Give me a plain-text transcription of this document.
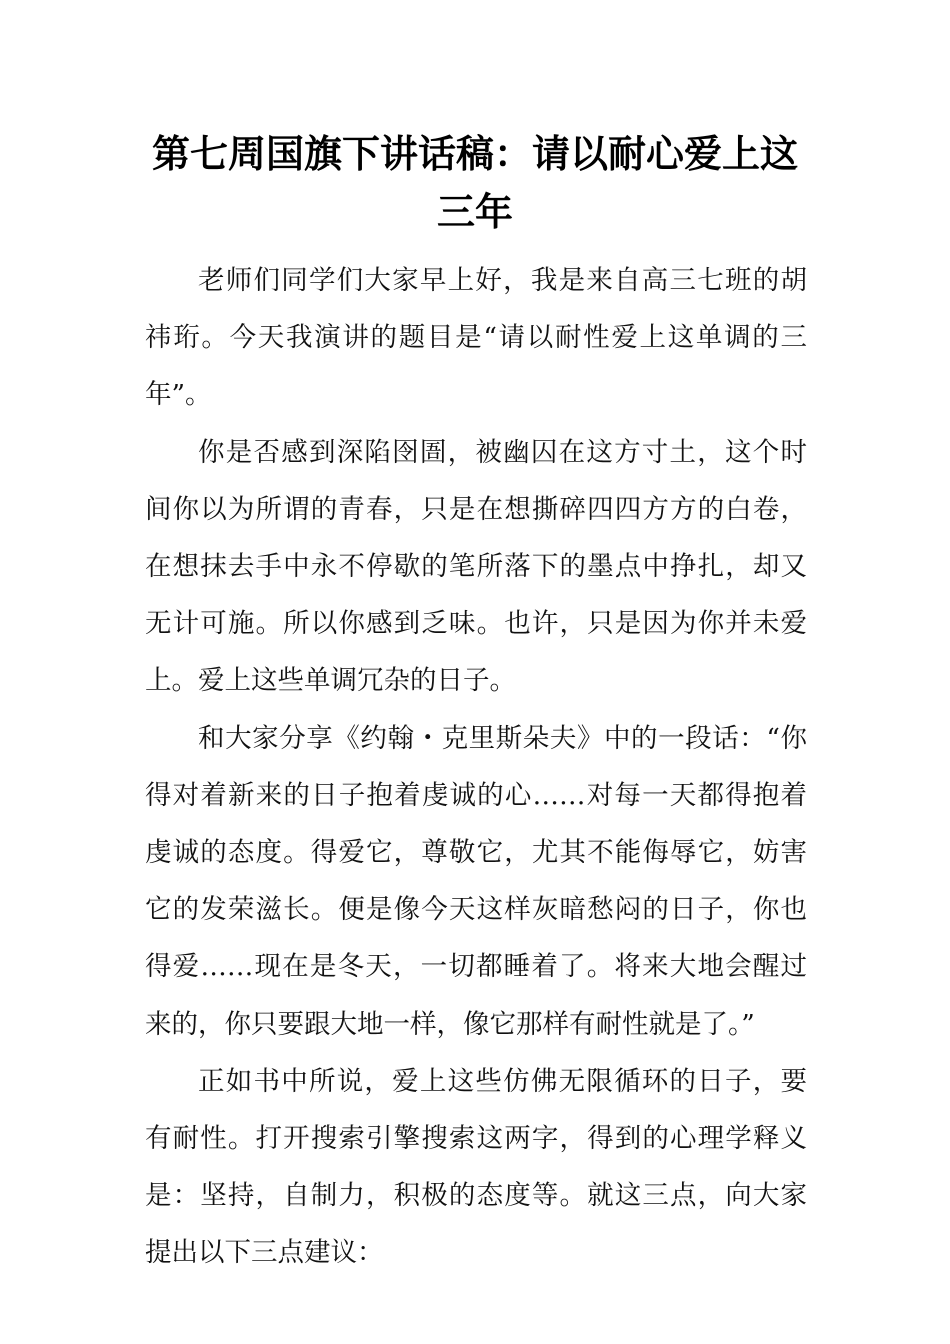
第七周国旗下讲话稿：请以耐心爱上这三年

老师们同学们大家早上好，我是来自高三七班的胡祎珩。今天我演讲的题目是“请以耐性爱上这单调的三年”。

你是否感到深陷囹圄，被幽囚在这方寸土，这个时间你以为所谓的青春，只是在想撕碎四四方方的白卷，在想抹去手中永不停歇的笔所落下的墨点中挣扎，却又无计可施。所以你感到乏味。也许，只是因为你并未爱上。爱上这些单调冗杂的日子。

和大家分享《约翰・克里斯朵夫》中的一段话：“你得对着新来的日子抱着虔诚的心……对每一天都得抱着虔诚的态度。得爱它，尊敬它，尤其不能侮辱它，妨害它的发荣滋长。便是像今天这样灰暗愁闷的日子，你也得爱……现在是冬天，一切都睡着了。将来大地会醒过来的，你只要跟大地一样，像它那样有耐性就是了。”

正如书中所说，爱上这些仿佛无限循环的日子，要有耐性。打开搜索引擎搜索这两字，得到的心理学释义是：坚持，自制力，积极的态度等。就这三点，向大家提出以下三点建议：
